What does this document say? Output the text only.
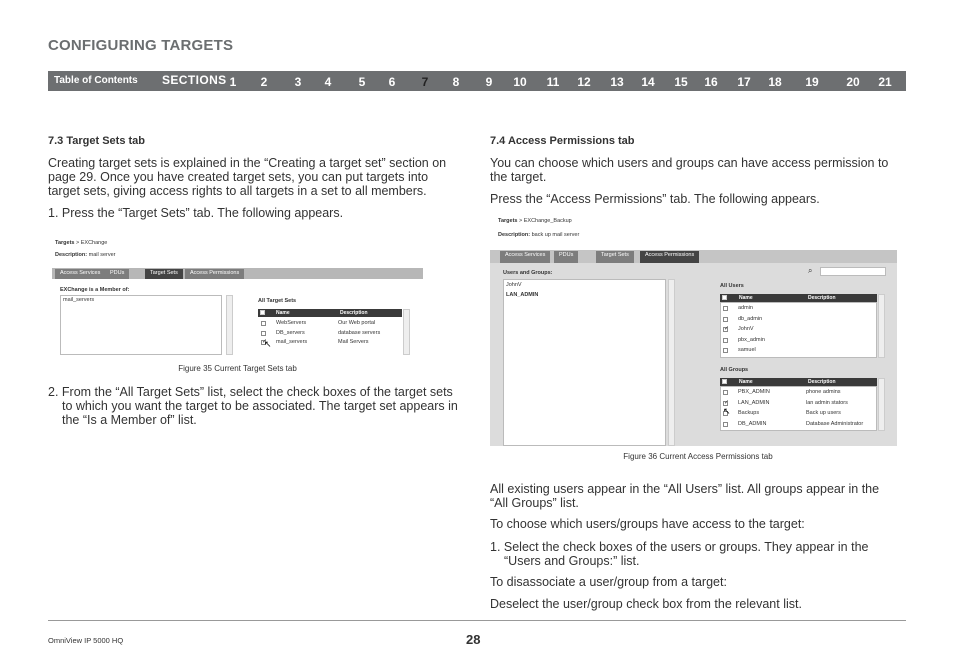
CONFIGURING TARGETS
Table of Contents SECTIONS 1	2	3	4	5	6	7	8	9	10	11	12	13	14	15	16	17	18	19	20	21
7.3 Target Sets tab
Creating target sets is explained in the “Creating a target set” section on page 29. Once you have created target sets, you can put targets into target sets, giving access rights to all targets in a set to all members.
1. Press the “Target Sets” tab. The following appears.
Targets > EXChange
Description: mail server
Access Services	PDUs	Target Sets	Access Permissions
EXChange is a Member of:
mail_servers	All Target Sets
Name	Description
WebServers	Our Web portal
DB_servers	database servers
✓
mail_servers	Mail Servers
↖
Figure 35 Current Target Sets tab
2. From the “All Target Sets” list, select the check boxes of the target sets to which you want the target to be associated. The target set appears in the “Is a Member of” list.
7.4 Access Permissions tab
You can choose which users and groups can have access permission to the target.
Press the “Access Permissions” tab. The following appears.
Targets > EXChange_Backup
Description: back up mail server
Access Services	PDUs	Target Sets	Access Permissions
Users and Groups:
JohnV
LAN_ADMIN
⌕
All Users
Name	Description
admin
db_admin
✓
JohnV
pbx_admin
samuel
All Groups
Name	Description
PBX_ADMIN	phone admins
✓
LAN_ADMIN	lan admin stators
Backups	Back up users
DB_ADMIN	Database Administrator
↖
Figure 36 Current Access Permissions tab
All existing users appear in the “All Users” list. All groups appear in the “All Groups” list.
To choose which users/groups have access to the target:
1. Select the check boxes of the users or groups. They appear in the “Users and Groups:” list.
To disassociate a user/group from a target:
Deselect the user/group check box from the relevant list.
OmniView IP 5000 HQ	28
